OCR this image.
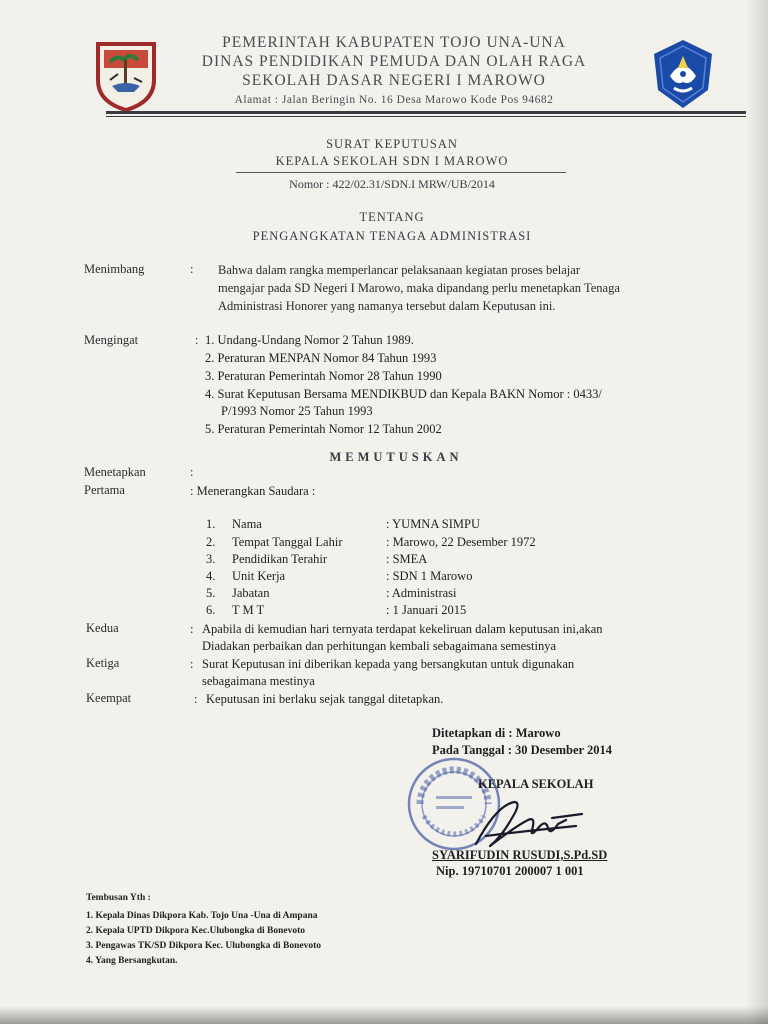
PEMERINTAH KABUPATEN TOJO UNA-UNA
DINAS PENDIDIKAN PEMUDA DAN OLAH RAGA
SEKOLAH DASAR NEGERI I MAROWO
Alamat : Jalan Beringin No. 16 Desa Marowo Kode Pos 94682
SURAT KEPUTUSAN
KEPALA SEKOLAH SDN I MAROWO
Nomor : 422/02.31/SDN.I MRW/UB/2014
TENTANG
PENGANGKATAN TENAGA ADMINISTRASI
Menimbang	: Bahwa dalam rangka memperlancar pelaksanaan kegiatan proses belajar
mengajar pada SD Negeri I Marowo, maka dipandang perlu menetapkan Tenaga
Administrasi Honorer yang namanya tersebut dalam Keputusan ini.
Mengingat	: 1. Undang-Undang Nomor 2 Tahun 1989.
2. Peraturan MENPAN Nomor 84 Tahun 1993
3. Peraturan Pemerintah Nomor 28 Tahun 1990
4. Surat Keputusan Bersama MENDIKBUD dan Kepala BAKN Nomor : 0433/
P/1993 Nomor 25 Tahun 1993
5. Peraturan Pemerintah Nomor 12 Tahun 2002
MEMUTUSKAN
Menetapkan	:
Pertama	: Menerangkan Saudara :
1. Nama	: YUMNA SIMPU
2. Tempat Tanggal Lahir	: Marowo, 22 Desember 1972
3. Pendidikan Terahir	: SMEA
4. Unit Kerja	: SDN 1 Marowo
5. Jabatan	: Administrasi
6. T M T	: 1 Januari 2015
Kedua	: Apabila di kemudian hari ternyata terdapat kekeliruan dalam keputusan ini,akan
Diadakan perbaikan dan perhitungan kembali sebagaimana semestinya
Ketiga	: Surat Keputusan ini diberikan kepada yang bersangkutan untuk digunakan
sebagaimana mestinya
Keempat	: Keputusan ini berlaku sejak tanggal ditetapkan.
Ditetapkan di : Marowo
Pada Tanggal : 30 Desember 2014
KEPALA SEKOLAH
SYARIFUDIN RUSUDI,S.Pd.SD
Nip. 19710701 200007 1 001
Tembusan Yth :
1. Kepala Dinas Dikpora Kab. Tojo Una -Una di Ampana
2. Kepala UPTD Dikpora Kec.Ulubongka di Bonevoto
3. Pengawas TK/SD Dikpora Kec. Ulubongka di Bonevoto
4. Yang Bersangkutan.
